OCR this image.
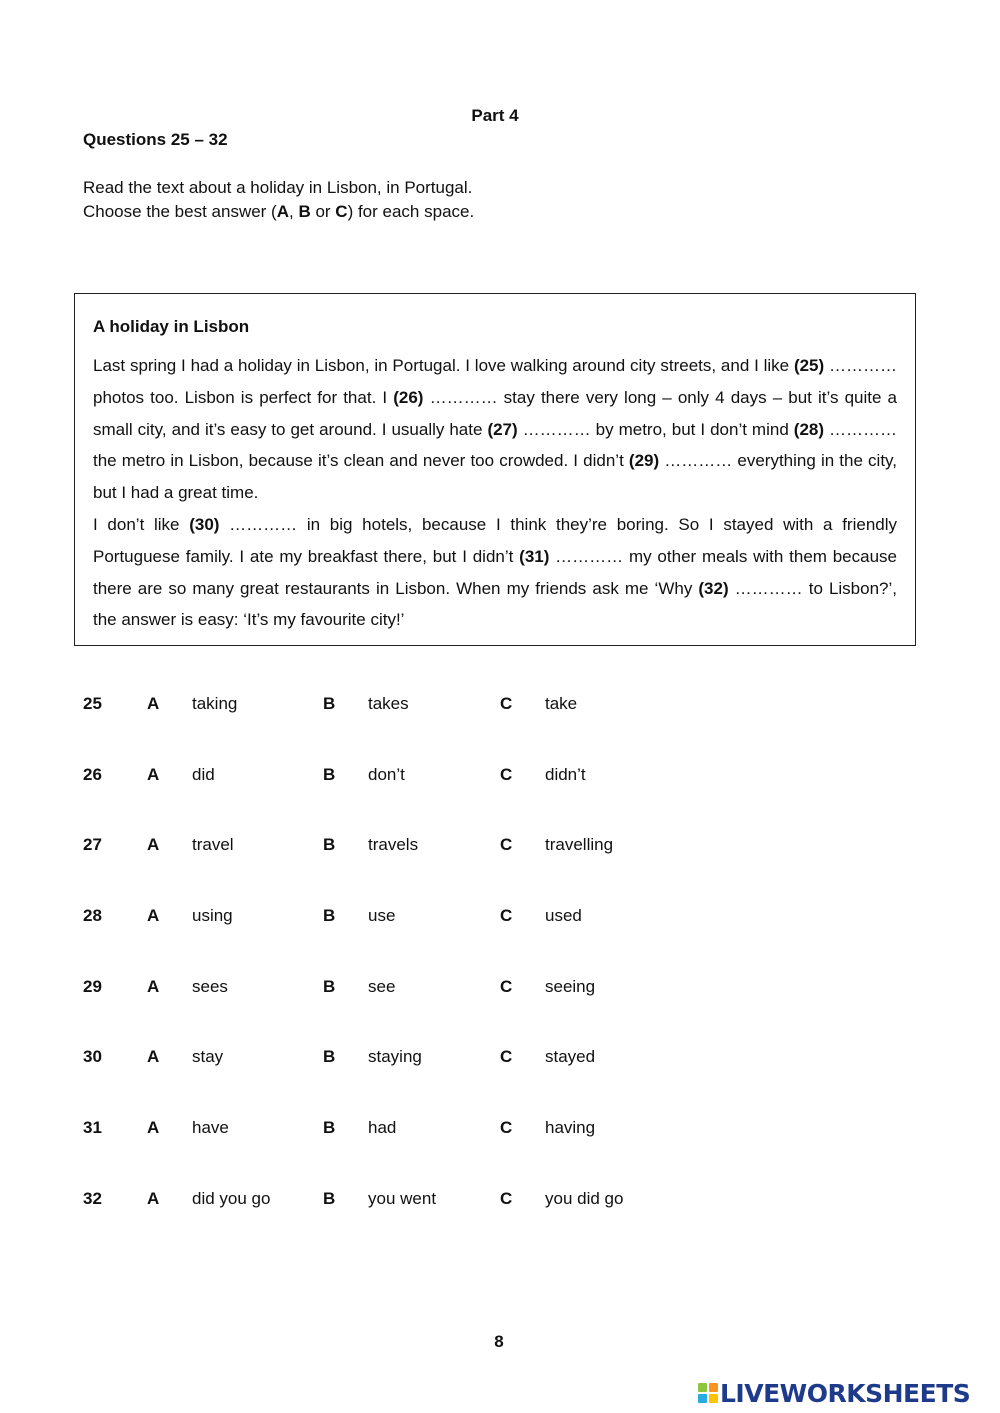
Part 4
Questions 25 – 32
Read the text about a holiday in Lisbon, in Portugal.
Choose the best answer (A, B or C) for each space.
A holiday in Lisbon

Last spring I had a holiday in Lisbon, in Portugal. I love walking around city streets, and I like (25) ………… photos too. Lisbon is perfect for that. I (26) ………… stay there very long – only 4 days – but it’s quite a small city, and it’s easy to get around. I usually hate (27) ………… by metro, but I don’t mind (28) ………… the metro in Lisbon, because it’s clean and never too crowded. I didn’t (29) ………… everything in the city, but I had a great time.

I don’t like (30) ………… in big hotels, because I think they’re boring. So I stayed with a friendly Portuguese family. I ate my breakfast there, but I didn’t (31) ………… my other meals with them because there are so many great restaurants in Lisbon. When my friends ask me ‘Why (32) ………… to Lisbon?’, the answer is easy: ‘It’s my favourite city!’

25	A taking	B takes	C take
26	A did	B don’t	C didn’t
27	A travel	B travels	C travelling
28	A using	B use	C used
29	A sees	B see	C seeing
30	A stay	B staying	C stayed
31	A have	B had	C having
32	A did you go	B you went	C you did go
8
LIVEWORKSHEETS
